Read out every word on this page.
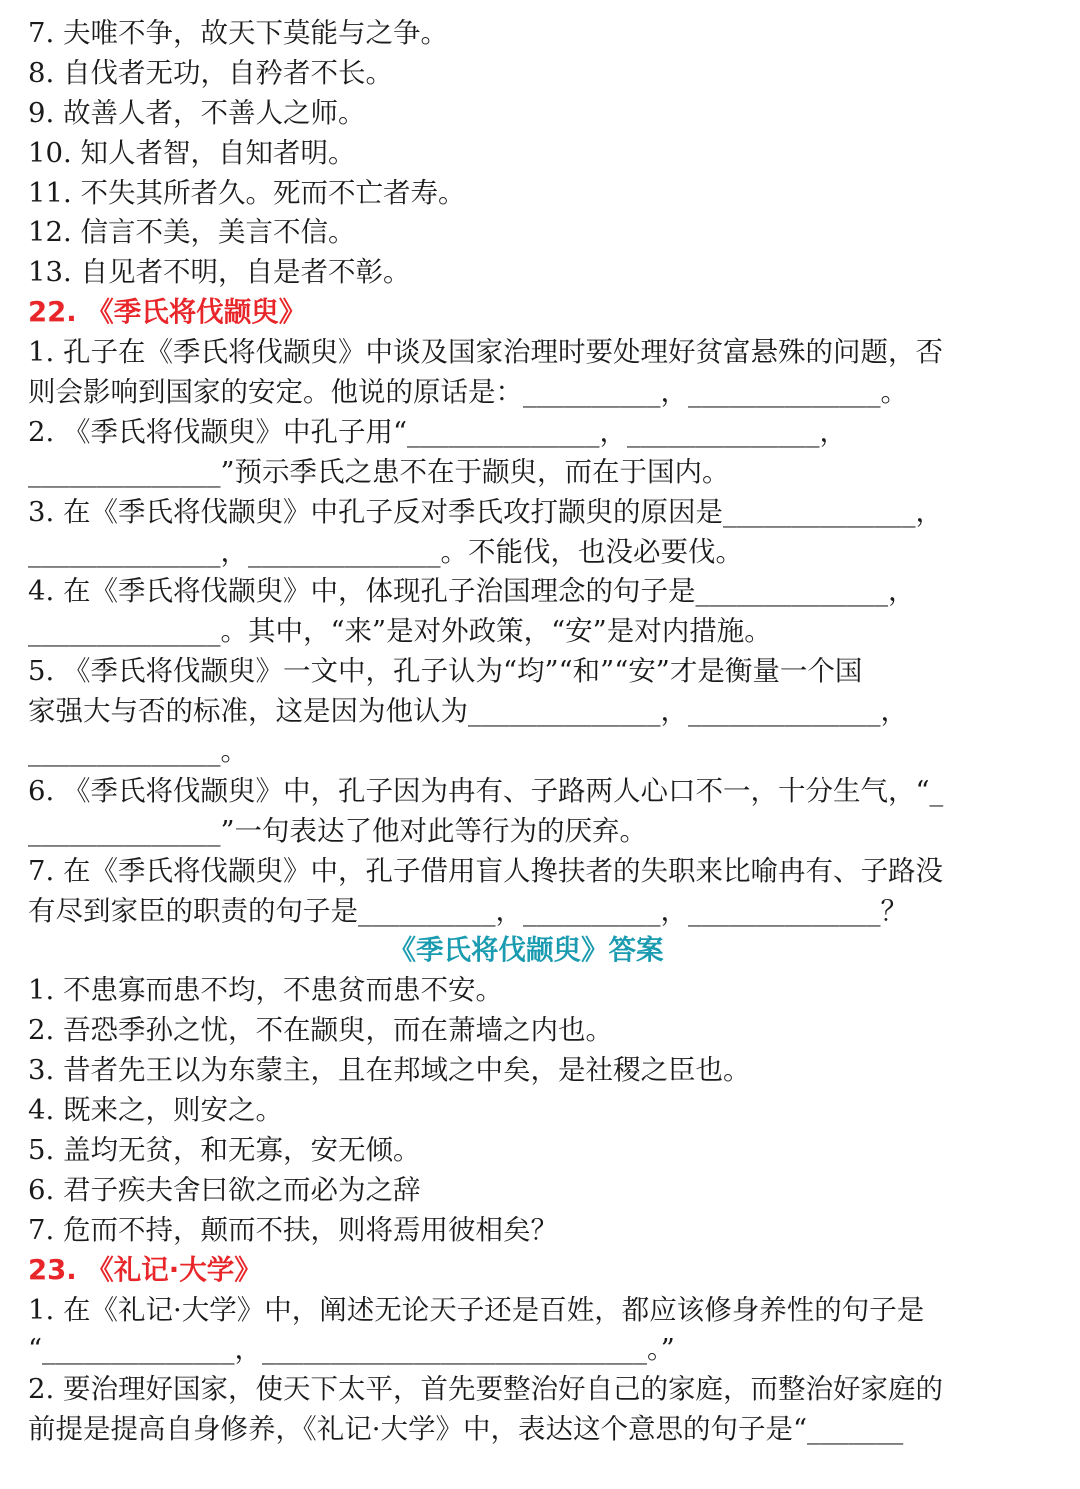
7. 夫唯不争，故天下莫能与之争。
8. 自伐者无功，自矜者不长。
9. 故善人者，不善人之师。
10. 知人者智，自知者明。
11. 不失其所者久。死而不亡者寿。
12. 信言不美，美言不信。
13. 自见者不明，自是者不彰。
22. 《季氏将伐颛臾》
1. 孔子在《季氏将伐颛臾》中谈及国家治理时要处理好贫富悬殊的问题，否
则会影响到国家的安定。他说的原话是：__________，______________。
2. 《季氏将伐颛臾》中孔子用“______________，______________，
______________”预示季氏之患不在于颛臾，而在于国内。
3. 在《季氏将伐颛臾》中孔子反对季氏攻打颛臾的原因是______________，
______________，______________。不能伐，也没必要伐。
4. 在《季氏将伐颛臾》中，体现孔子治国理念的句子是______________，
______________。其中，“来”是对外政策，“安”是对内措施。
5. 《季氏将伐颛臾》一文中，孔子认为“均”“和”“安”才是衡量一个国
家强大与否的标准，这是因为他认为______________，______________，
______________。
6. 《季氏将伐颛臾》中，孔子因为冉有、子路两人心口不一，十分生气，“_
______________”一句表达了他对此等行为的厌弃。
7. 在《季氏将伐颛臾》中，孔子借用盲人搀扶者的失职来比喻冉有、子路没
有尽到家臣的职责的句子是__________，__________，______________？
《季氏将伐颛臾》答案
1. 不患寡而患不均，不患贫而患不安。
2. 吾恐季孙之忧，不在颛臾，而在萧墙之内也。
3. 昔者先王以为东蒙主，且在邦域之中矣，是社稷之臣也。
4. 既来之，则安之。
5. 盖均无贫，和无寡，安无倾。
6. 君子疾夫舍曰欲之而必为之辞
7. 危而不持，颠而不扶，则将焉用彼相矣？
23. 《礼记·大学》
1. 在《礼记·大学》中，阐述无论天子还是百姓，都应该修身养性的句子是
“______________，____________________________。”
2. 要治理好国家，使天下太平，首先要整治好自己的家庭，而整治好家庭的
前提是提高自身修养，《礼记·大学》中，表达这个意思的句子是“_______
